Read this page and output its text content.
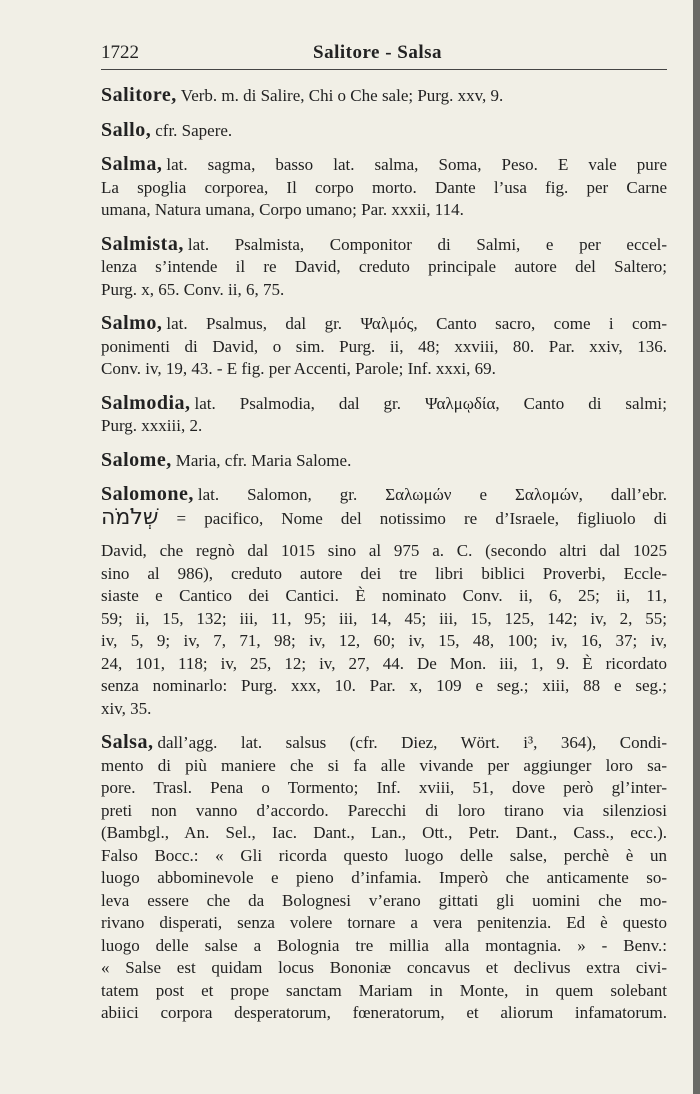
1722	Salitore - Salsa
Salitore, Verb. m. di Salire, Chi o Che sale; Purg. xxv, 9.
Sallo, cfr. Sapere.
Salma, lat. sagma, basso lat. salma, Soma, Peso. E vale pure
La spoglia corporea, Il corpo morto. Dante l’usa fig. per Carne
umana, Natura umana, Corpo umano; Par. xxxii, 114.
Salmista, lat. Psalmista, Componitor di Salmi, e per eccel-
lenza s’intende il re David, creduto principale autore del Saltero;
Purg. x, 65. Conv. ii, 6, 75.
Salmo, lat. Psalmus, dal gr. Ψαλμός, Canto sacro, come i com-
ponimenti di David, o sim. Purg. ii, 48; xxviii, 80. Par. xxiv, 136.
Conv. iv, 19, 43. - E fig. per Accenti, Parole; Inf. xxxi, 69.
Salmodia, lat. Psalmodia, dal gr. Ψαλμῳδία, Canto di salmi;
Purg. xxxiii, 2.
Salome, Maria, cfr. Maria Salome.
Salomone, lat. Salomon, gr. Σαλωμών e Σαλομών, dall’ebr.
שְׁלֹמֹה = pacifico, Nome del notissimo re d’Israele, figliuolo di
David, che regnò dal 1015 sino al 975 a. C. (secondo altri dal 1025
sino al 986), creduto autore dei tre libri biblici Proverbi, Eccle-
siaste e Cantico dei Cantici. È nominato Conv. ii, 6, 25; ii, 11,
59; ii, 15, 132; iii, 11, 95; iii, 14, 45; iii, 15, 125, 142; iv, 2, 55;
iv, 5, 9; iv, 7, 71, 98; iv, 12, 60; iv, 15, 48, 100; iv, 16, 37; iv,
24, 101, 118; iv, 25, 12; iv, 27, 44. De Mon. iii, 1, 9. È ricordato
senza nominarlo: Purg. xxx, 10. Par. x, 109 e seg.; xiii, 88 e seg.;
xiv, 35.
Salsa, dall’agg. lat. salsus (cfr. Diez, Wört. i³, 364), Condi-
mento di più maniere che si fa alle vivande per aggiunger loro sa-
pore. Trasl. Pena o Tormento; Inf. xviii, 51, dove però gl’inter-
preti non vanno d’accordo. Parecchi di loro tirano via silenziosi
(Bambgl., An. Sel., Iac. Dant., Lan., Ott., Petr. Dant., Cass., ecc.).
Falso Bocc.: « Gli ricorda questo luogo delle salse, perchè è un
luogo abbominevole e pieno d’infamia. Imperò che anticamente so-
leva essere che da Bolognesi v’erano gittati gli uomini che mo-
rivano disperati, senza volere tornare a vera penitenzia. Ed è questo
luogo delle salse a Bolognia tre millia alla montagnia. » - Benv.:
« Salse est quidam locus Bononiæ concavus et declivus extra civi-
tatem post et prope sanctam Mariam in Monte, in quem solebant
abiici corpora desperatorum, fœneratorum, et aliorum infamatorum.
